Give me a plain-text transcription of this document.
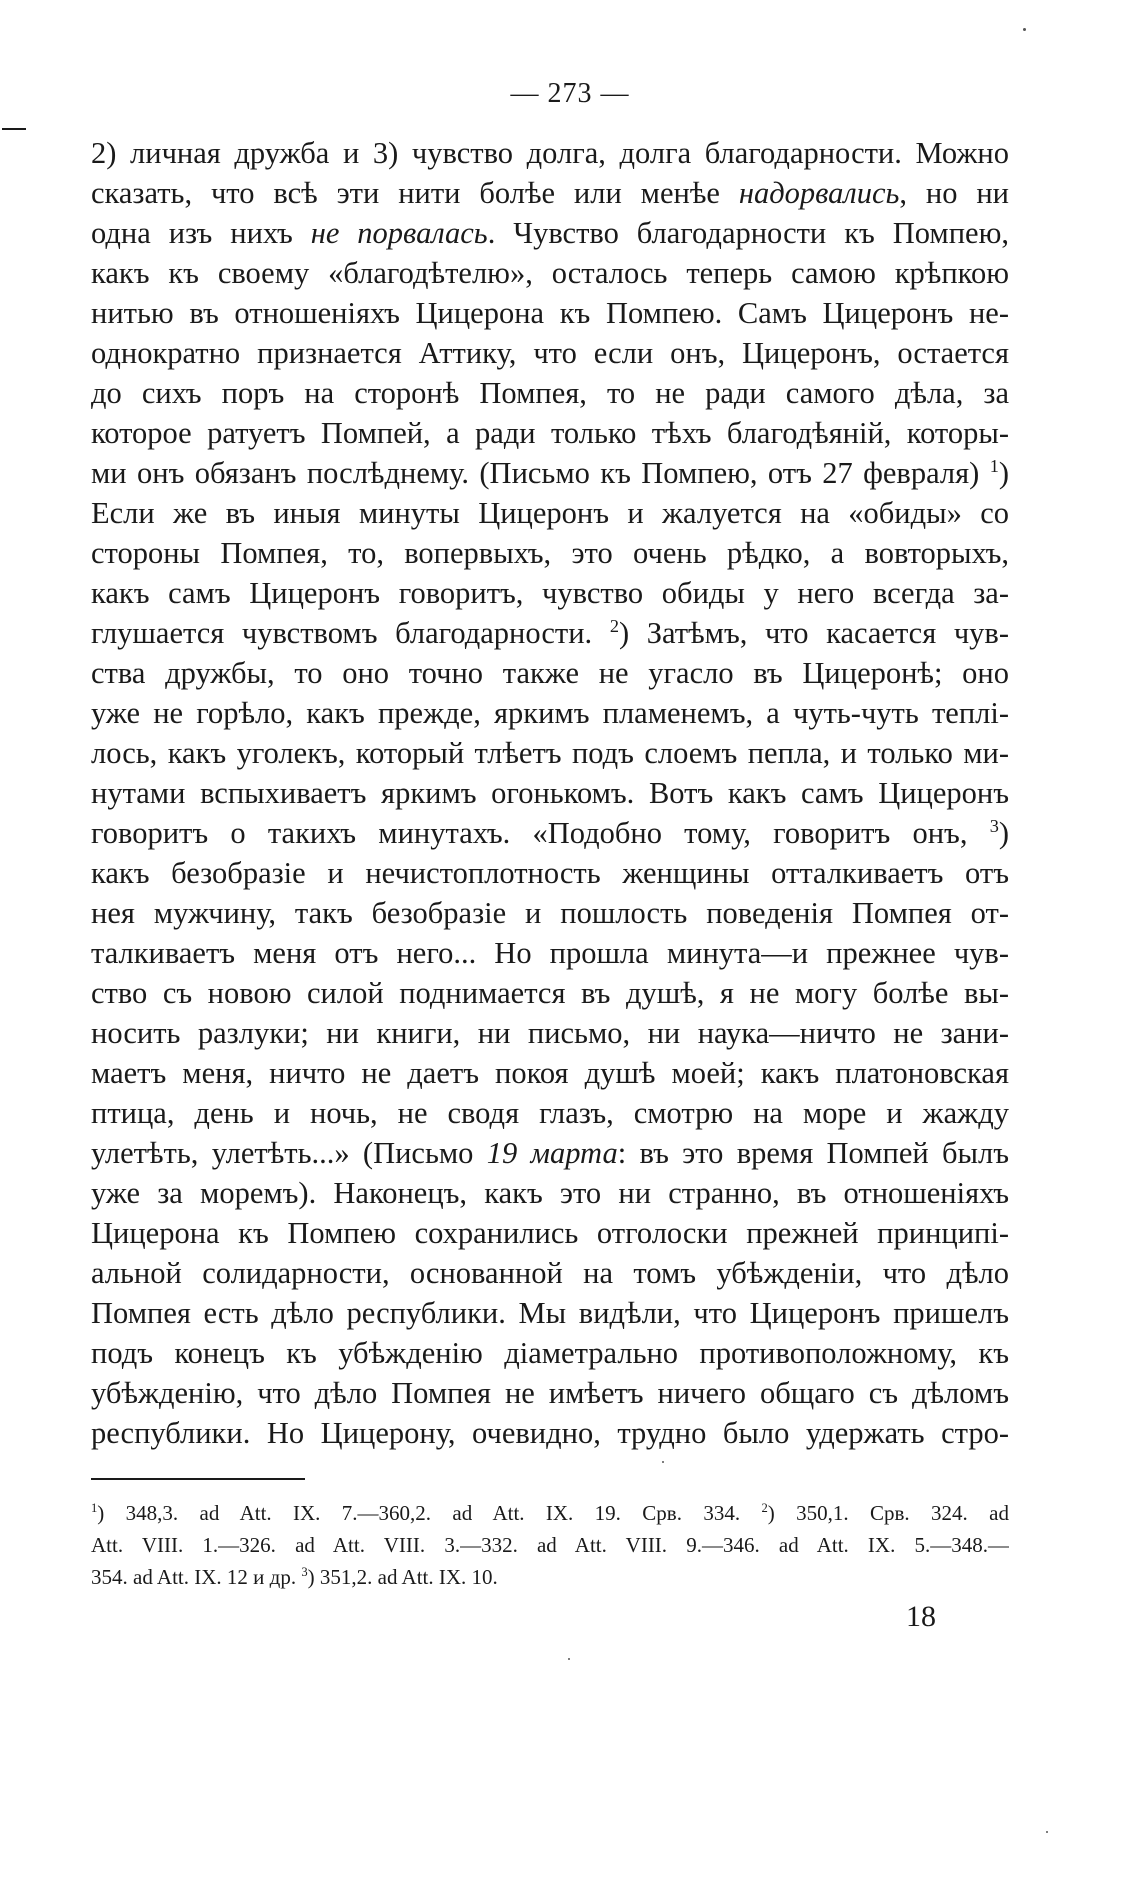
— 273 —
2) личная дружба и 3) чувство долга, долга благодарности. Можно
сказать, что всѣ эти нити болѣе или менѣе надорвались, но ни
одна изъ нихъ не порвалась. Чувство благодарности къ Помпею,
какъ къ своему «благодѣтелю», осталось теперь самою крѣпкою
нитью въ отношеніяхъ Цицерона къ Помпею. Самъ Цицеронъ не-
однократно признается Аттику, что если онъ, Цицеронъ, остается
до сихъ поръ на сторонѣ Помпея, то не ради самого дѣла, за
которое ратуетъ Помпей, а ради только тѣхъ благодѣяній, которы-
ми онъ обязанъ послѣднему. (Письмо къ Помпею, отъ 27 февраля) $^1$)
Если же въ иныя минуты Цицеронъ и жалуется на «обиды» со
стороны Помпея, то, вопервыхъ, это очень рѣдко, а вовторыхъ,
какъ самъ Цицеронъ говоритъ, чувство обиды у него всегда за-
глушается чувствомъ благодарности. $^2$) Затѣмъ, что касается чув-
ства дружбы, то оно точно также не угасло въ Цицеронѣ; оно
уже не горѣло, какъ прежде, яркимъ пламенемъ, а чуть-чуть теплі-
лось, какъ уголекъ, который тлѣетъ подъ слоемъ пепла, и только ми-
нутами вспыхиваетъ яркимъ огонькомъ. Вотъ какъ самъ Цицеронъ
говоритъ о такихъ минутахъ. «Подобно тому, говоритъ онъ, $^3$)
какъ безобразіе и нечистоплотность женщины отталкиваетъ отъ
нея мужчину, такъ безобразіе и пошлость поведенія Помпея от-
талкиваетъ меня отъ него... Но прошла минута—и прежнее чув-
ство съ новою силой поднимается въ душѣ, я не могу болѣе вы-
носить разлуки; ни книги, ни письмо, ни наука—ничто не зани-
маетъ меня, ничто не даетъ покоя душѣ моей; какъ платоновская
птица, день и ночь, не сводя глазъ, смотрю на море и жажду
улетѣть, улетѣть...» (Письмо 19 марта: въ это время Помпей былъ
уже за моремъ). Наконецъ, какъ это ни странно, въ отношеніяхъ
Цицерона къ Помпею сохранились отголоски прежней принципі-
альной солидарности, основанной на томъ убѣжденіи, что дѣло
Помпея есть дѣло республики. Мы видѣли, что Цицеронъ пришелъ
подъ конецъ къ убѣжденію діаметрально противоположному, къ
убѣжденію, что дѣло Помпея не имѣетъ ничего общаго съ дѣломъ
республики. Но Цицерону, очевидно, трудно было удержать стро-
$^1$) 348,3. ad Att. IX. 7.—360,2. ad Att. IX. 19. Срв. 334. $^2$) 350,1. Срв. 324. ad
Att. VIII. 1.—326. ad Att. VIII. 3.—332. ad Att. VIII. 9.—346. ad Att. IX. 5.—348.—
354. ad Att. IX. 12 и др. $^3$) 351,2. ad Att. IX. 10.
18
